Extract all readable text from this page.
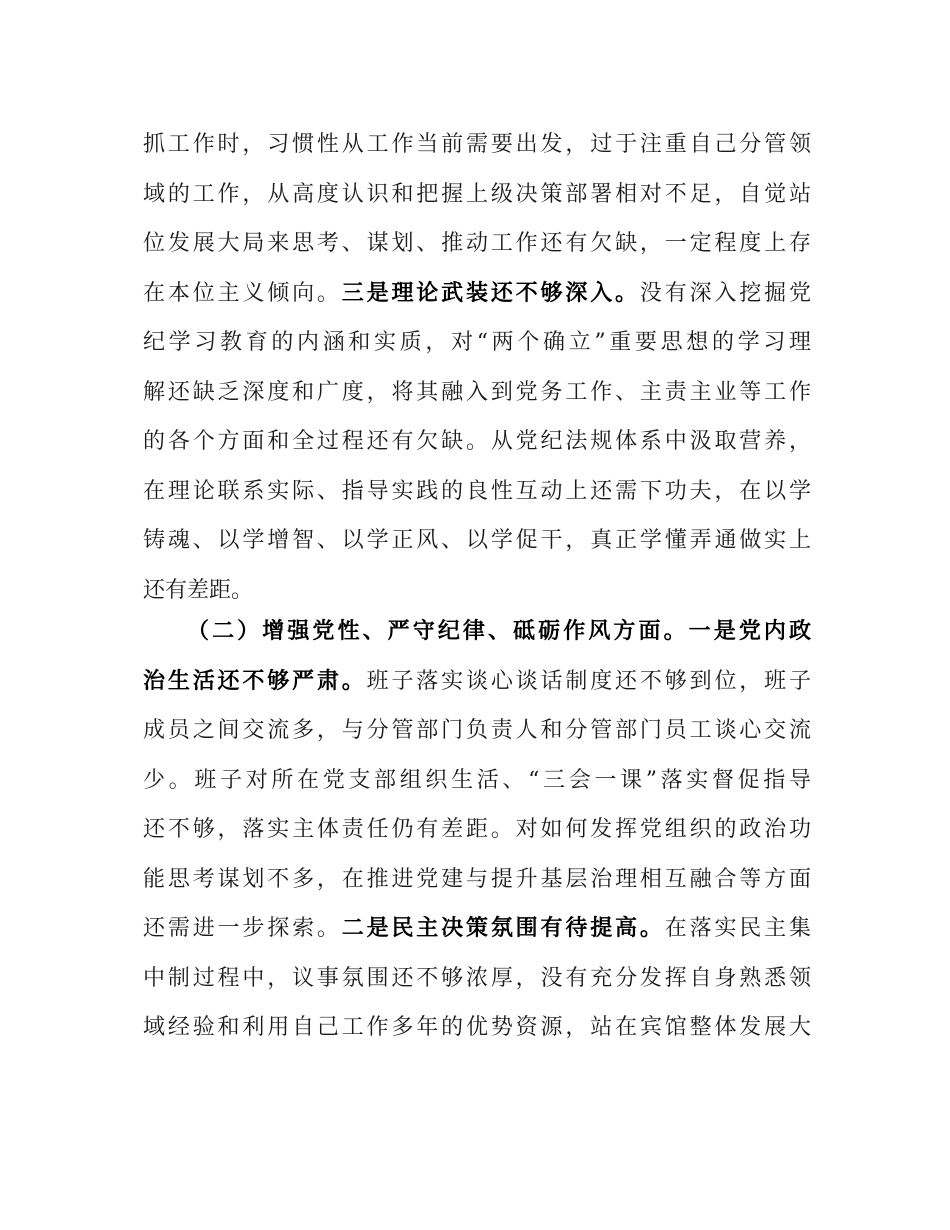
抓工作时，习惯性从工作当前需要出发，过于注重自己分管领
域的工作，从高度认识和把握上级决策部署相对不足，自觉站
位发展大局来思考、谋划、推动工作还有欠缺，一定程度上存
在本位主义倾向。三是理论武装还不够深入。没有深入挖掘党
纪学习教育的内涵和实质，对“两个确立”重要思想的学习理
解还缺乏深度和广度，将其融入到党务工作、主责主业等工作
的各个方面和全过程还有欠缺。从党纪法规体系中汲取营养，
在理论联系实际、指导实践的良性互动上还需下功夫，在以学
铸魂、以学增智、以学正风、以学促干，真正学懂弄通做实上
还有差距。
（二）增强党性、严守纪律、砥砺作风方面。一是党内政
治生活还不够严肃。班子落实谈心谈话制度还不够到位，班子
成员之间交流多，与分管部门负责人和分管部门员工谈心交流
少。班子对所在党支部组织生活、“三会一课”落实督促指导
还不够，落实主体责任仍有差距。对如何发挥党组织的政治功
能思考谋划不多，在推进党建与提升基层治理相互融合等方面
还需进一步探索。二是民主决策氛围有待提高。在落实民主集
中制过程中，议事氛围还不够浓厚，没有充分发挥自身熟悉领
域经验和利用自己工作多年的优势资源，站在宾馆整体发展大
